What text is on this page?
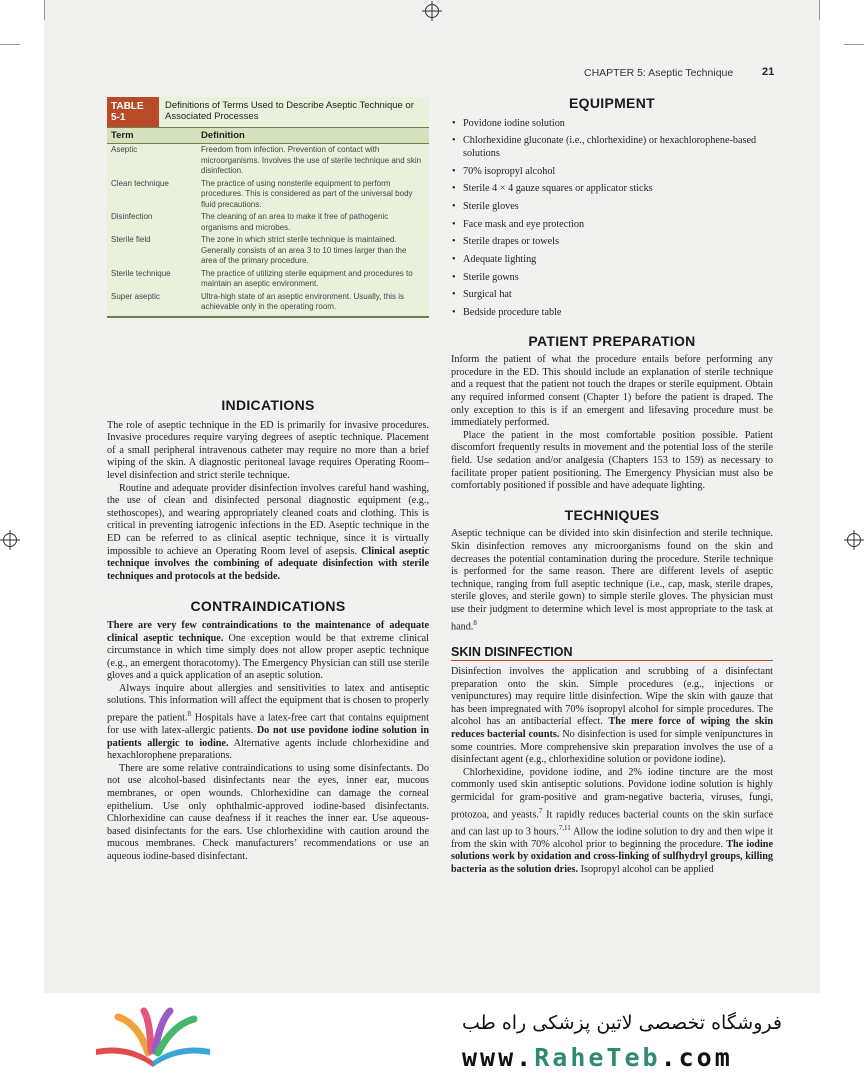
CHAPTER 5: Aseptic Technique	21
TABLE 5-1
Definitions of Terms Used to Describe Aseptic Technique or Associated Processes
Term	Definition
Aseptic	Freedom from infection. Prevention of contact with microorganisms. Involves the use of sterile technique and skin disinfection.
Clean technique	The practice of using nonsterile equipment to perform procedures. This is considered as part of the universal body fluid precautions.
Disinfection	The cleaning of an area to make it free of pathogenic organisms and microbes.
Sterile field	The zone in which strict sterile technique is maintained. Generally consists of an area 3 to 10 times larger than the area of the primary procedure.
Sterile technique	The practice of utilizing sterile equipment and procedures to maintain an aseptic environment.
Super aseptic	Ultra-high state of an aseptic environment. Usually, this is achievable only in the operating room.
INDICATIONS

The role of aseptic technique in the ED is primarily for invasive procedures. Invasive procedures require varying degrees of aseptic technique. Placement of a small peripheral intravenous catheter may require no more than a brief wiping of the skin. A diagnostic peritoneal lavage requires Operating Room–level disinfection and strict sterile technique.

Routine and adequate provider disinfection involves careful hand washing, the use of clean and disinfected personal diagnostic equipment (e.g., stethoscopes), and wearing appropriately cleaned coats and clothing. This is critical in preventing iatrogenic infections in the ED. Aseptic technique in the ED can be referred to as clinical aseptic technique, since it is virtually impossible to achieve an Operating Room level of asepsis. Clinical aseptic technique involves the combining of adequate disinfection with sterile techniques and protocols at the bedside.

CONTRAINDICATIONS

There are very few contraindications to the maintenance of adequate clinical aseptic technique. One exception would be that extreme clinical circumstance in which time simply does not allow proper aseptic technique (e.g., an emergent thoracotomy). The Emergency Physician can still use sterile gloves and a quick application of an aseptic solution.

Always inquire about allergies and sensitivities to latex and antiseptic solutions. This information will affect the equipment that is chosen to properly prepare the patient.$^8$ Hospitals have a latex-free cart that contains equipment for use with latex-allergic patients. Do not use povidone iodine solution in patients allergic to iodine. Alternative agents include chlorhexidine and hexachlorophene preparations.

There are some relative contraindications to using some disinfectants. Do not use alcohol-based disinfectants near the eyes, inner ear, mucous membranes, or open wounds. Chlorhexidine can damage the corneal epithelium. Use only ophthalmic-approved iodine-based disinfectants. Chlorhexidine can cause deafness if it reaches the inner ear. Use aqueous-based disinfectants for the ears. Use chlorhexidine with caution around the mucous membranes. Check manufacturers’ recommendations or use an aqueous iodine-based disinfectant.

EQUIPMENT
• Povidone iodine solution
• Chlorhexidine gluconate (i.e., chlorhexidine) or hexachlorophene-based solutions
• 70% isopropyl alcohol
• Sterile 4 × 4 gauze squares or applicator sticks
• Sterile gloves
• Face mask and eye protection
• Sterile drapes or towels
• Adequate lighting
• Sterile gowns
• Surgical hat
• Bedside procedure table
PATIENT PREPARATION

Inform the patient of what the procedure entails before performing any procedure in the ED. This should include an explanation of sterile technique and a request that the patient not touch the drapes or sterile equipment. Obtain any required informed consent (Chapter 1) before the patient is draped. The only exception to this is if an emergent and lifesaving procedure must be immediately performed.

Place the patient in the most comfortable position possible. Patient discomfort frequently results in movement and the potential loss of the sterile field. Use sedation and/or analgesia (Chapters 153 to 159) as necessary to facilitate proper patient positioning. The Emergency Physician must also be comfortably positioned if possible and have adequate lighting.

TECHNIQUES

Aseptic technique can be divided into skin disinfection and sterile technique. Skin disinfection removes any microorganisms found on the skin and decreases the potential contamination during the procedure. Sterile technique is performed for the same reason. There are different levels of aseptic technique, ranging from full aseptic technique (i.e., cap, mask, sterile drapes, sterile gloves, and sterile gown) to simple sterile gloves. The physician must use their judgment to determine which level is most appropriate to the task at hand.$^8$

SKIN DISINFECTION

Disinfection involves the application and scrubbing of a disinfectant preparation onto the skin. Simple procedures (e.g., injections or venipunctures) may require little disinfection. Wipe the skin with gauze that has been impregnated with 70% isopropyl alcohol for simple procedures. The alcohol has an antibacterial effect. The mere force of wiping the skin reduces bacterial counts. No disinfection is used for simple venipunctures in some countries. More comprehensive skin preparation involves the use of a disinfectant agent (e.g., chlorhexidine solution or povidone iodine).

Chlorhexidine, povidone iodine, and 2% iodine tincture are the most commonly used skin antiseptic solutions. Povidone iodine solution is highly germicidal for gram-positive and gram-negative bacteria, viruses, fungi, protozoa, and yeasts.$^7$ It rapidly reduces bacterial counts on the skin surface and can last up to 3 hours.$^{7,11}$ Allow the iodine solution to dry and then wipe it from the skin with 70% alcohol prior to beginning the procedure. The iodine solutions work by oxidation and cross-linking of sulfhydryl groups, killing bacteria as the solution dries. Isopropyl alcohol can be applied

فروشگاه تخصصی لاتین پزشکی راه طب
www.RaheTeb.com
